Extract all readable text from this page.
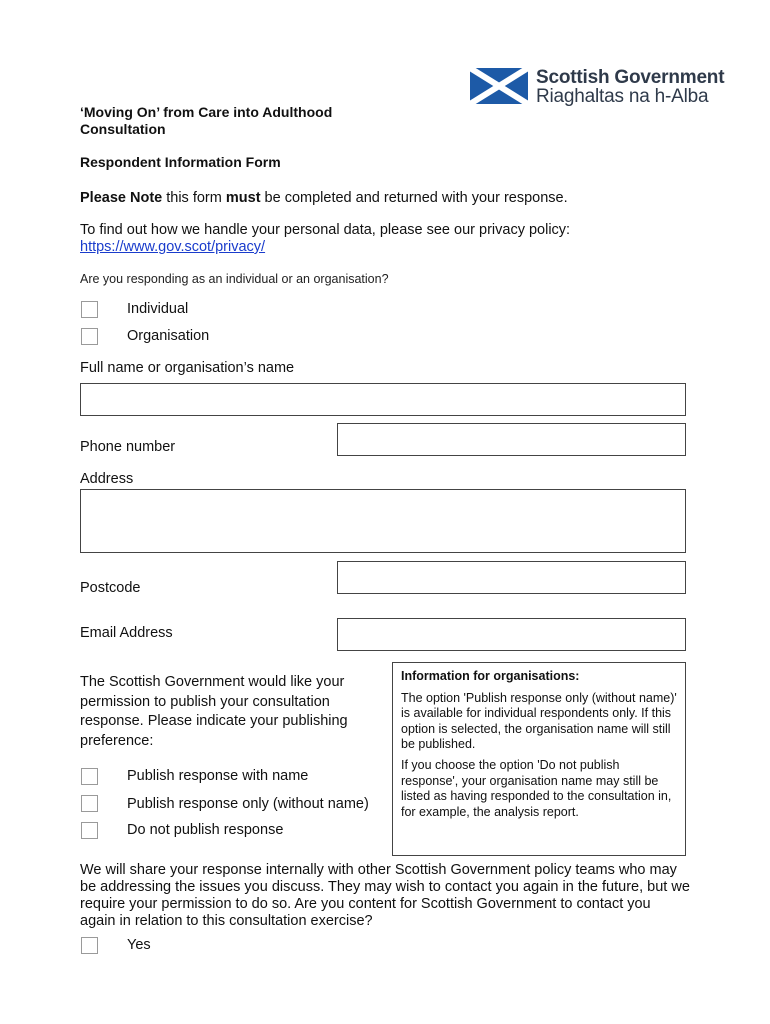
Scottish Government
Riaghaltas na h-Alba
‘Moving On’ from Care into Adulthood Consultation
Respondent Information Form
Please Note this form must be completed and returned with your response.
To find out how we handle your personal data, please see our privacy policy:
https://www.gov.scot/privacy/
Are you responding as an individual or an organisation?
Individual
Organisation
Full name or organisation’s name
Phone number
Address
Postcode
Email Address
The Scottish Government would like your permission to publish your consultation response. Please indicate your publishing preference:
Publish response with name
Publish response only (without name)
Do not publish response
Information for organisations:

The option 'Publish response only (without name)' is available for individual respondents only. If this option is selected, the organisation name will still be published.

If you choose the option 'Do not publish response', your organisation name may still be listed as having responded to the consultation in, for example, the analysis report.

We will share your response internally with other Scottish Government policy teams who may be addressing the issues you discuss. They may wish to contact you again in the future, but we require your permission to do so. Are you content for Scottish Government to contact you again in relation to this consultation exercise?
Yes
